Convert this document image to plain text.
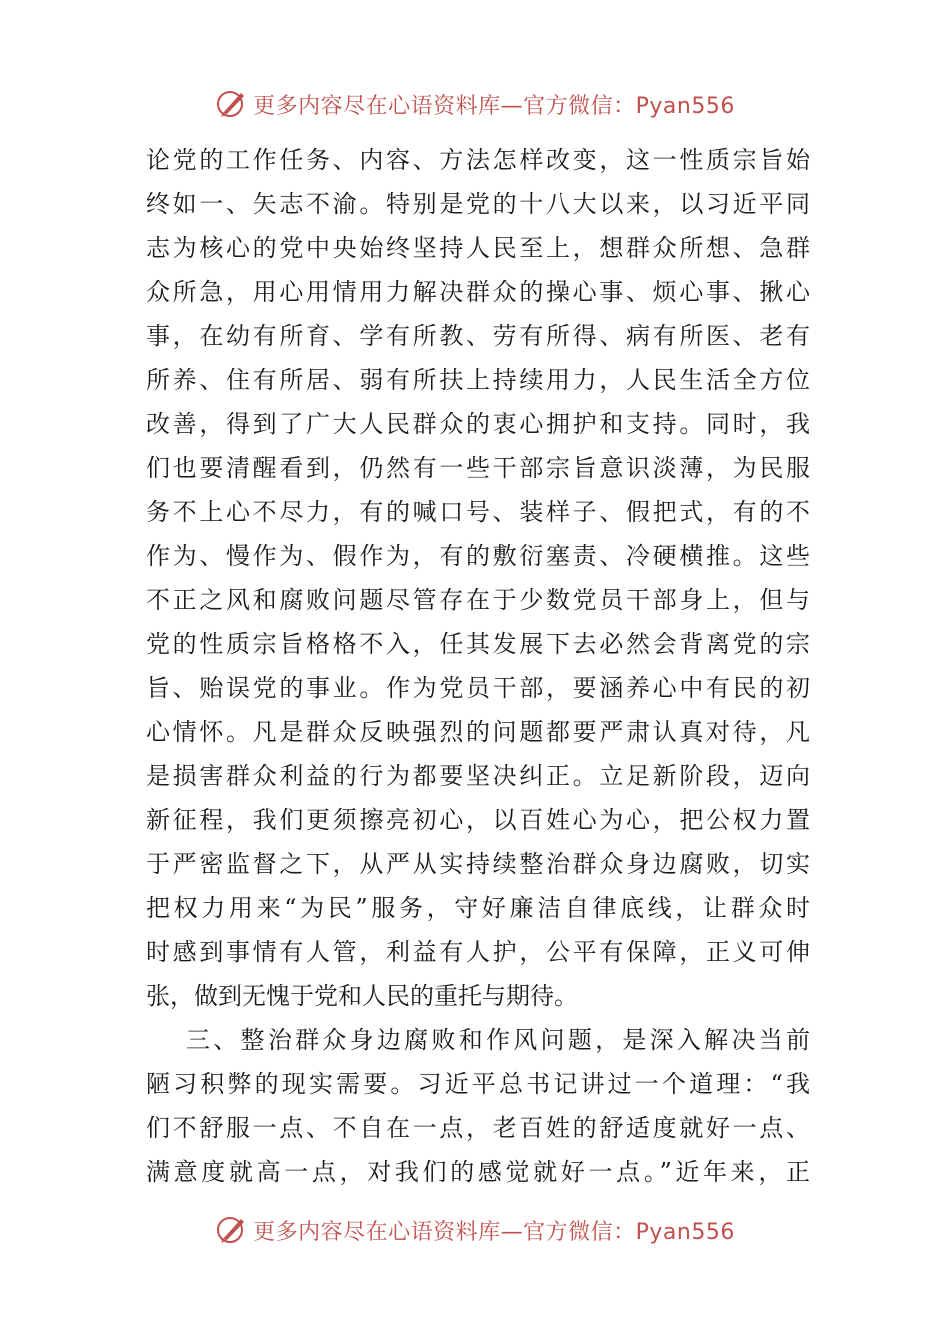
更多内容尽在心语资料库—官方微信：Pyan556
论党的工作任务、内容、方法怎样改变，这一性质宗旨始
终如一、矢志不渝。特别是党的十八大以来，以习近平同
志为核心的党中央始终坚持人民至上，想群众所想、急群
众所急，用心用情用力解决群众的操心事、烦心事、揪心
事，在幼有所育、学有所教、劳有所得、病有所医、老有
所养、住有所居、弱有所扶上持续用力，人民生活全方位
改善，得到了广大人民群众的衷心拥护和支持。同时，我
们也要清醒看到，仍然有一些干部宗旨意识淡薄，为民服
务不上心不尽力，有的喊口号、装样子、假把式，有的不
作为、慢作为、假作为，有的敷衍塞责、冷硬横推。这些
不正之风和腐败问题尽管存在于少数党员干部身上，但与
党的性质宗旨格格不入，任其发展下去必然会背离党的宗
旨、贻误党的事业。作为党员干部，要涵养心中有民的初
心情怀。凡是群众反映强烈的问题都要严肃认真对待，凡
是损害群众利益的行为都要坚决纠正。立足新阶段，迈向
新征程，我们更须擦亮初心，以百姓心为心，把公权力置
于严密监督之下，从严从实持续整治群众身边腐败，切实
把权力用来“为民”服务，守好廉洁自律底线，让群众时
时感到事情有人管，利益有人护，公平有保障，正义可伸
张，做到无愧于党和人民的重托与期待。
三、整治群众身边腐败和作风问题，是深入解决当前
陋习积弊的现实需要。习近平总书记讲过一个道理：“我
们不舒服一点、不自在一点，老百姓的舒适度就好一点、
满意度就高一点，对我们的感觉就好一点。”近年来，正
更多内容尽在心语资料库—官方微信：Pyan556
